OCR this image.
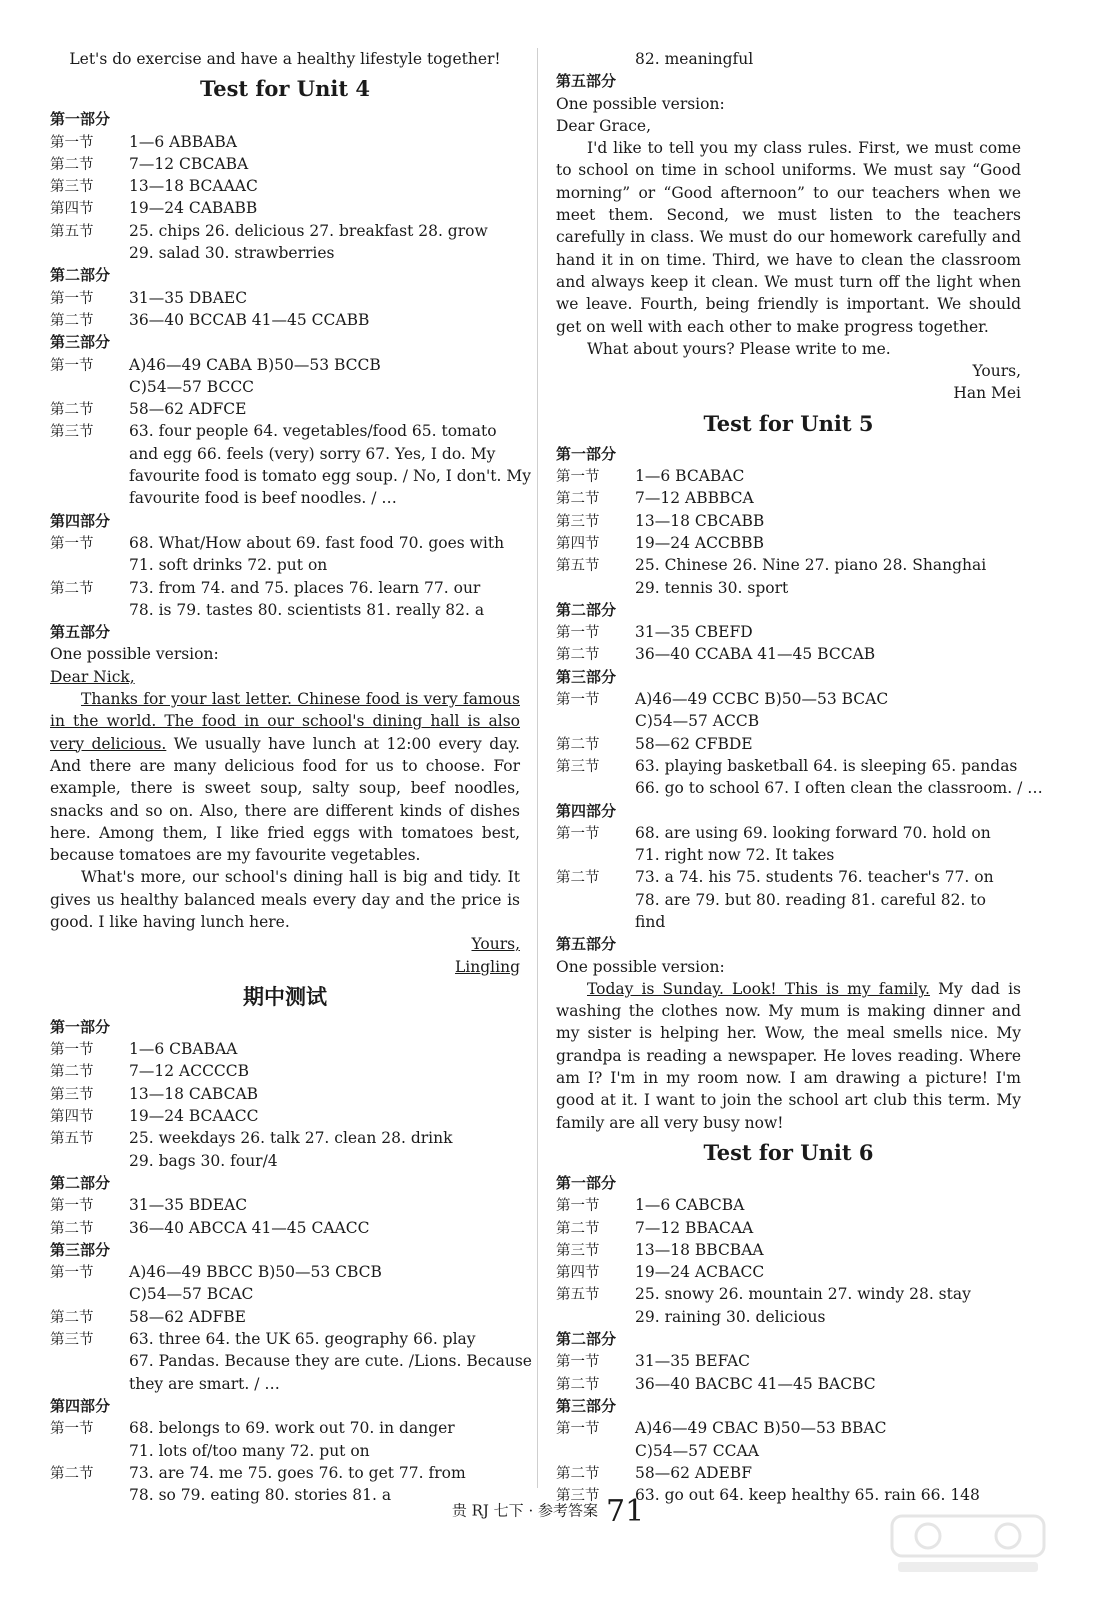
Let's do exercise and have a healthy lifestyle together!
Test for Unit 4
第一部分
第一节 1—6 ABBABA
第二节 7—12 CBCABA
第三节 13—18 BCAAAC
第四节 19—24 CABABB
第五节 25. chips 26. delicious 27. breakfast 28. grow
29. salad 30. strawberries
第二部分
第一节 31—35 DBAEC
第二节 36—40 BCCAB 41—45 CCABB
第三部分
第一节 A)46—49 CABA B)50—53 BCCB
C)54—57 BCCC
第二节 58—62 ADFCE
第三节 63. four people 64. vegetables/food 65. tomato
and egg 66. feels (very) sorry 67. Yes, I do. My
favourite food is tomato egg soup. / No, I don't. My
favourite food is beef noodles. / …
第四部分
第一节 68. What/How about 69. fast food 70. goes with
71. soft drinks 72. put on
第二节 73. from 74. and 75. places 76. learn 77. our
78. is 79. tastes 80. scientists 81. really 82. a
第五部分
One possible version:
Dear Nick,
Thanks for your last letter. Chinese food is very famous in the world. The food in our school's dining hall is also very delicious. We usually have lunch at 12:00 every day. And there are many delicious food for us to choose. For example, there is sweet soup, salty soup, beef noodles, snacks and so on. Also, there are different kinds of dishes here. Among them, I like fried eggs with tomatoes best, because tomatoes are my favourite vegetables.
What's more, our school's dining hall is big and tidy. It gives us healthy balanced meals every day and the price is good. I like having lunch here.
Yours,
Lingling
期中测试
第一部分
第一节 1—6 CBABAA
第二节 7—12 ACCCCB
第三节 13—18 CABCAB
第四节 19—24 BCAACC
第五节 25. weekdays 26. talk 27. clean 28. drink
29. bags 30. four/4
第二部分
第一节 31—35 BDEAC
第二节 36—40 ABCCA 41—45 CAACC
第三部分
第一节 A)46—49 BBCC B)50—53 CBCB
C)54—57 BCAC
第二节 58—62 ADFBE
第三节 63. three 64. the UK 65. geography 66. play
67. Pandas. Because they are cute. /Lions. Because
they are smart. / …
第四部分
第一节 68. belongs to 69. work out 70. in danger
71. lots of/too many 72. put on
第二节 73. are 74. me 75. goes 76. to get 77. from
78. so 79. eating 80. stories 81. a
82. meaningful
第五部分
One possible version:
Dear Grace,
I'd like to tell you my class rules. First, we must come to school on time in school uniforms. We must say “Good morning” or “Good afternoon” to our teachers when we meet them. Second, we must listen to the teachers carefully in class. We must do our homework carefully and hand it in on time. Third, we have to clean the classroom and always keep it clean. We must turn off the light when we leave. Fourth, being friendly is important. We should get on well with each other to make progress together.
What about yours? Please write to me.
Yours,
Han Mei
Test for Unit 5
第一部分
第一节 1—6 BCABAC
第二节 7—12 ABBBCA
第三节 13—18 CBCABB
第四节 19—24 ACCBBB
第五节 25. Chinese 26. Nine 27. piano 28. Shanghai
29. tennis 30. sport
第二部分
第一节 31—35 CBEFD
第二节 36—40 CCABA 41—45 BCCAB
第三部分
第一节 A)46—49 CCBC B)50—53 BCAC
C)54—57 ACCB
第二节 58—62 CFBDE
第三节 63. playing basketball 64. is sleeping 65. pandas
66. go to school 67. I often clean the classroom. / …
第四部分
第一节 68. are using 69. looking forward 70. hold on
71. right now 72. It takes
第二节 73. a 74. his 75. students 76. teacher's 77. on
78. are 79. but 80. reading 81. careful 82. to
find
第五部分
One possible version:
Today is Sunday. Look! This is my family. My dad is washing the clothes now. My mum is making dinner and my sister is helping her. Wow, the meal smells nice. My grandpa is reading a newspaper. He loves reading. Where am I? I'm in my room now. I am drawing a picture! I'm good at it. I want to join the school art club this term. My family are all very busy now!
Test for Unit 6
第一部分
第一节 1—6 CABCBA
第二节 7—12 BBACAA
第三节 13—18 BBCBAA
第四节 19—24 ACBACC
第五节 25. snowy 26. mountain 27. windy 28. stay
29. raining 30. delicious
第二部分
第一节 31—35 BEFAC
第二节 36—40 BACBC 41—45 BACBC
第三部分
第一节 A)46—49 CBAC B)50—53 BBAC
C)54—57 CCAA
第二节 58—62 ADEBF
第三节 63. go out 64. keep healthy 65. rain 66. 148
贵 RJ 七下 · 参考答案 71
